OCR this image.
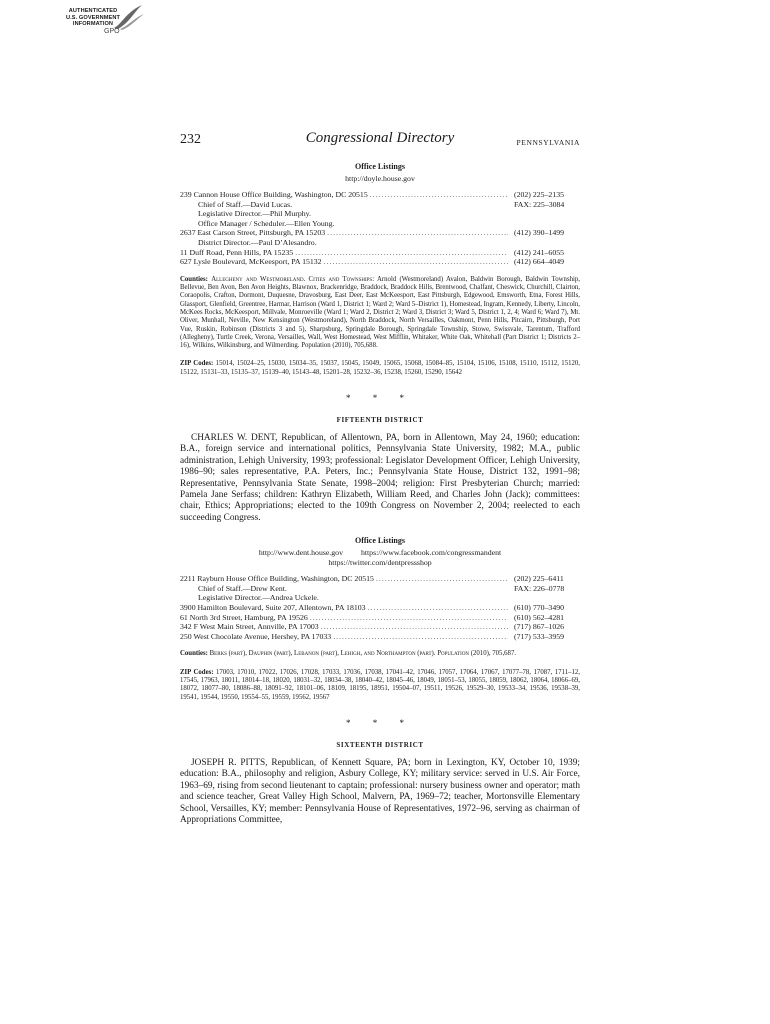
AUTHENTICATED
U.S. GOVERNMENT
INFORMATION
GPO
232	Congressional Directory	PENNSYLVANIA
Office Listings
http://doyle.house.gov
239 Cannon House Office Building, Washington, DC 20515 .....	(202) 225–2135
Chief of Staff.—David Lucas.	FAX: 225–3084
Legislative Director.—Phil Murphy.
Office Manager / Scheduler.—Ellen Young.
2637 East Carson Street, Pittsburgh, PA 15203 .....	(412) 390–1499
District Director.—Paul D’Alesandro.
11 Duff Road, Penn Hills, PA 15235 .....	(412) 241–6055
627 Lysle Boulevard, McKeesport, PA 15132 .....	(412) 664–4049
Counties: Allegheny and Westmoreland. Cities and Townships: Arnold (Westmoreland) Avalon, Baldwin Borough, Baldwin Township, Bellevue, Ben Avon, Ben Avon Heights, Blawnox, Brackenridge, Braddock, Braddock Hills, Brentwood, Chalfant, Cheswick, Churchill, Clairton, Coraopolis, Crafton, Dormont, Duquesne, Dravosburg, East Deer, East McKeesport, East Pittsburgh, Edgewood, Emsworth, Etna, Forest Hills, Glassport, Glenfield, Greentree, Harmar, Harrison (Ward 1, District 1; Ward 2; Ward 5–District 1), Homestead, Ingram, Kennedy, Liberty, Lincoln, McKees Rocks, McKeesport, Millvale, Monroeville (Ward 1; Ward 2, District 2; Ward 3, District 3; Ward 5, District 1, 2, 4; Ward 6; Ward 7), Mt. Oliver, Munhall, Neville, New Kensington (Westmoreland), North Braddock, North Versailles, Oakmont, Penn Hills, Pitcairn, Pittsburgh, Port Vue, Ruskin, Robinson (Districts 3 and 5), Sharpsburg, Springdale Borough, Springdale Township, Stowe, Swissvale, Tarentum, Trafford (Allegheny), Turtle Creek, Verona, Versailles, Wall, West Homestead, West Mifflin, Whitaker, White Oak, Whitehall (Part District 1; Districts 2–16), Wilkins, Wilkinsburg, and Wilmerding. Population (2010), 705,688.
ZIP Codes: 15014, 15024–25, 15030, 15034–35, 15037, 15045, 15049, 15065, 15068, 15084–85, 15104, 15106, 15108, 15110, 15112, 15120, 15122, 15131–33, 15135–37, 15139–40, 15143–48, 15201–28, 15232–36, 15238, 15260, 15290, 15642
* * *
FIFTEENTH DISTRICT
CHARLES W. DENT, Republican, of Allentown, PA, born in Allentown, May 24, 1960; education: B.A., foreign service and international politics, Pennsylvania State University, 1982; M.A., public administration, Lehigh University, 1993; professional: Legislator Development Officer, Lehigh University, 1986–90; sales representative, P.A. Peters, Inc.; Pennsylvania State House, District 132, 1991–98; Representative, Pennsylvania State Senate, 1998–2004; religion: First Presbyterian Church; married: Pamela Jane Serfass; children: Kathryn Elizabeth, William Reed, and Charles John (Jack); committees: chair, Ethics; Appropriations; elected to the 109th Congress on November 2, 2004; reelected to each succeeding Congress.
Office Listings
http://www.dent.house.gov https://www.facebook.com/congressmandent
https://twitter.com/dentpressshop
2211 Rayburn House Office Building, Washington, DC 20515 .....	(202) 225–6411
Chief of Staff.—Drew Kent.	FAX: 226–0778
Legislative Director.—Andrea Uckele.
3900 Hamilton Boulevard, Suite 207, Allentown, PA 18103 .....	(610) 770–3490
61 North 3rd Street, Hamburg, PA 19526 .....	(610) 562–4281
342 F West Main Street, Annville, PA 17003 .....	(717) 867–1026
250 West Chocolate Avenue, Hershey, PA 17033 .....	(717) 533–3959
Counties: Berks (part), Dauphin (part), Lebanon (part), Lehigh, and Northampton (part). Population (2010), 705,687.
ZIP Codes: 17003, 17010, 17022, 17026, 17028, 17033, 17036, 17038, 17041–42, 17046, 17057, 17064, 17067, 17077–78, 17087, 1711–12, 17545, 17963, 18011, 18014–18, 18020, 18031–32, 18034–38, 18040–42, 18045–46, 18049, 18051–53, 18055, 18059, 18062, 18064, 18066–69, 18072, 18077–80, 18086–88, 18091–92, 18101–06, 18109, 18195, 18951, 19504–07, 19511, 19526, 19529–30, 19533–34, 19536, 19538–39, 19541, 19544, 19550, 19554–55, 19559, 19562, 19567
* * *
SIXTEENTH DISTRICT
JOSEPH R. PITTS, Republican, of Kennett Square, PA; born in Lexington, KY, October 10, 1939; education: B.A., philosophy and religion, Asbury College, KY; military service: served in U.S. Air Force, 1963–69, rising from second lieutenant to captain; professional: nursery business owner and operator; math and science teacher, Great Valley High School, Malvern, PA, 1969–72; teacher, Mortonsville Elementary School, Versailles, KY; member: Pennsylvania House of Representatives, 1972–96, serving as chairman of Appropriations Committee,
